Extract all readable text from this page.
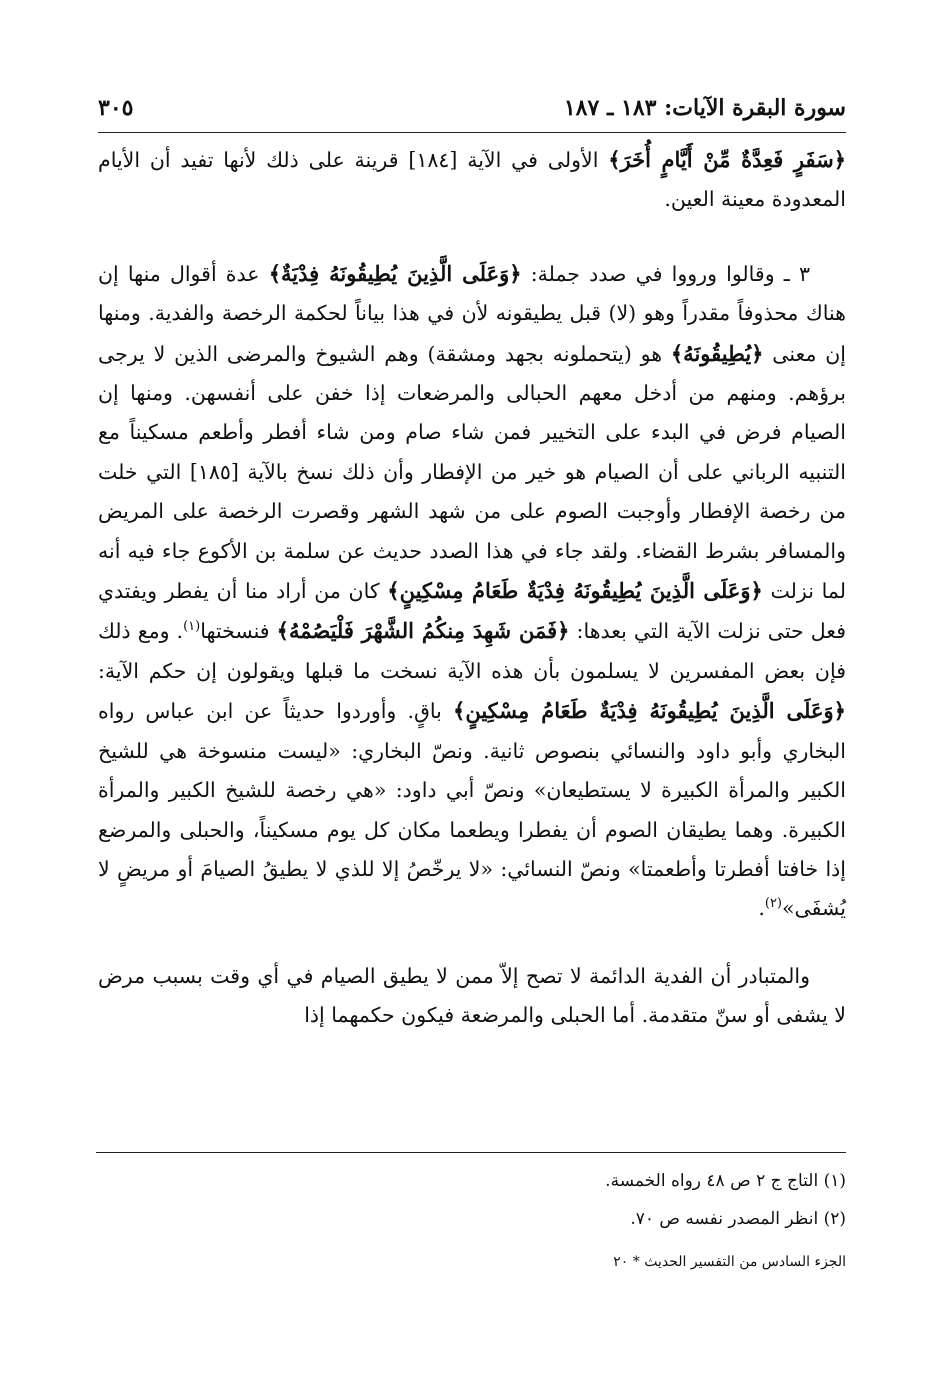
سورة البقرة الآيات: ١٨٣ ـ ١٨٧
٣٠٥

﴿سَفَرٍ فَعِدَّةٌ مِّنْ أَيَّامٍ أُخَرَ﴾ الأولى في الآية [١٨٤] قرينة على ذلك لأنها تفيد أن الأيام المعدودة معينة العين.

٣ ـ وقالوا ورووا في صدد جملة: ﴿وَعَلَى الَّذِينَ يُطِيقُونَهُ فِدْيَةٌ﴾ عدة أقوال منها إن هناك محذوفاً مقدراً وهو (لا) قبل يطيقونه لأن في هذا بياناً لحكمة الرخصة والفدية. ومنها إن معنى ﴿يُطِيقُونَهُ﴾ هو (يتحملونه بجهد ومشقة) وهم الشيوخ والمرضى الذين لا يرجى برؤهم. ومنهم من أدخل معهم الحبالى والمرضعات إذا خفن على أنفسهن. ومنها إن الصيام فرض في البدء على التخيير فمن شاء صام ومن شاء أفطر وأطعم مسكيناً مع التنبيه الرباني على أن الصيام هو خير من الإفطار وأن ذلك نسخ بالآية [١٨٥] التي خلت من رخصة الإفطار وأوجبت الصوم على من شهد الشهر وقصرت الرخصة على المريض والمسافر بشرط القضاء. ولقد جاء في هذا الصدد حديث عن سلمة بن الأكوع جاء فيه أنه لما نزلت ﴿وَعَلَى الَّذِينَ يُطِيقُونَهُ فِدْيَةٌ طَعَامُ مِسْكِينٍ﴾ كان من أراد منا أن يفطر ويفتدي فعل حتى نزلت الآية التي بعدها: ﴿فَمَن شَهِدَ مِنكُمُ الشَّهْرَ فَلْيَصُمْهُ﴾ فنسختها$^{(١)}$. ومع ذلك فإن بعض المفسرين لا يسلمون بأن هذه الآية نسخت ما قبلها ويقولون إن حكم الآية: ﴿وَعَلَى الَّذِينَ يُطِيقُونَهُ فِدْيَةٌ طَعَامُ مِسْكِينٍ﴾ باقٍ. وأوردوا حديثاً عن ابن عباس رواه البخاري وأبو داود والنسائي بنصوص ثانية. ونصّ البخاري: «ليست منسوخة هي للشيخ الكبير والمرأة الكبيرة لا يستطيعان» ونصّ أبي داود: «هي رخصة للشيخ الكبير والمرأة الكبيرة. وهما يطيقان الصوم أن يفطرا ويطعما مكان كل يوم مسكيناً، والحبلى والمرضع إذا خافتا أفطرتا وأطعمتا» ونصّ النسائي: «لا يرخّصُ إلا للذي لا يطيقُ الصيامَ أو مريضٍ لا يُشفَى»$^{(٢)}$.

والمتبادر أن الفدية الدائمة لا تصح إلاّ ممن لا يطيق الصيام في أي وقت بسبب مرض لا يشفى أو سنّ متقدمة. أما الحبلى والمرضعة فيكون حكمهما إذا

(١) التاج ج ٢ ص ٤٨ رواه الخمسة.

(٢) انظر المصدر نفسه ص ٧٠.

الجزء السادس من التفسير الحديث * ٢٠
